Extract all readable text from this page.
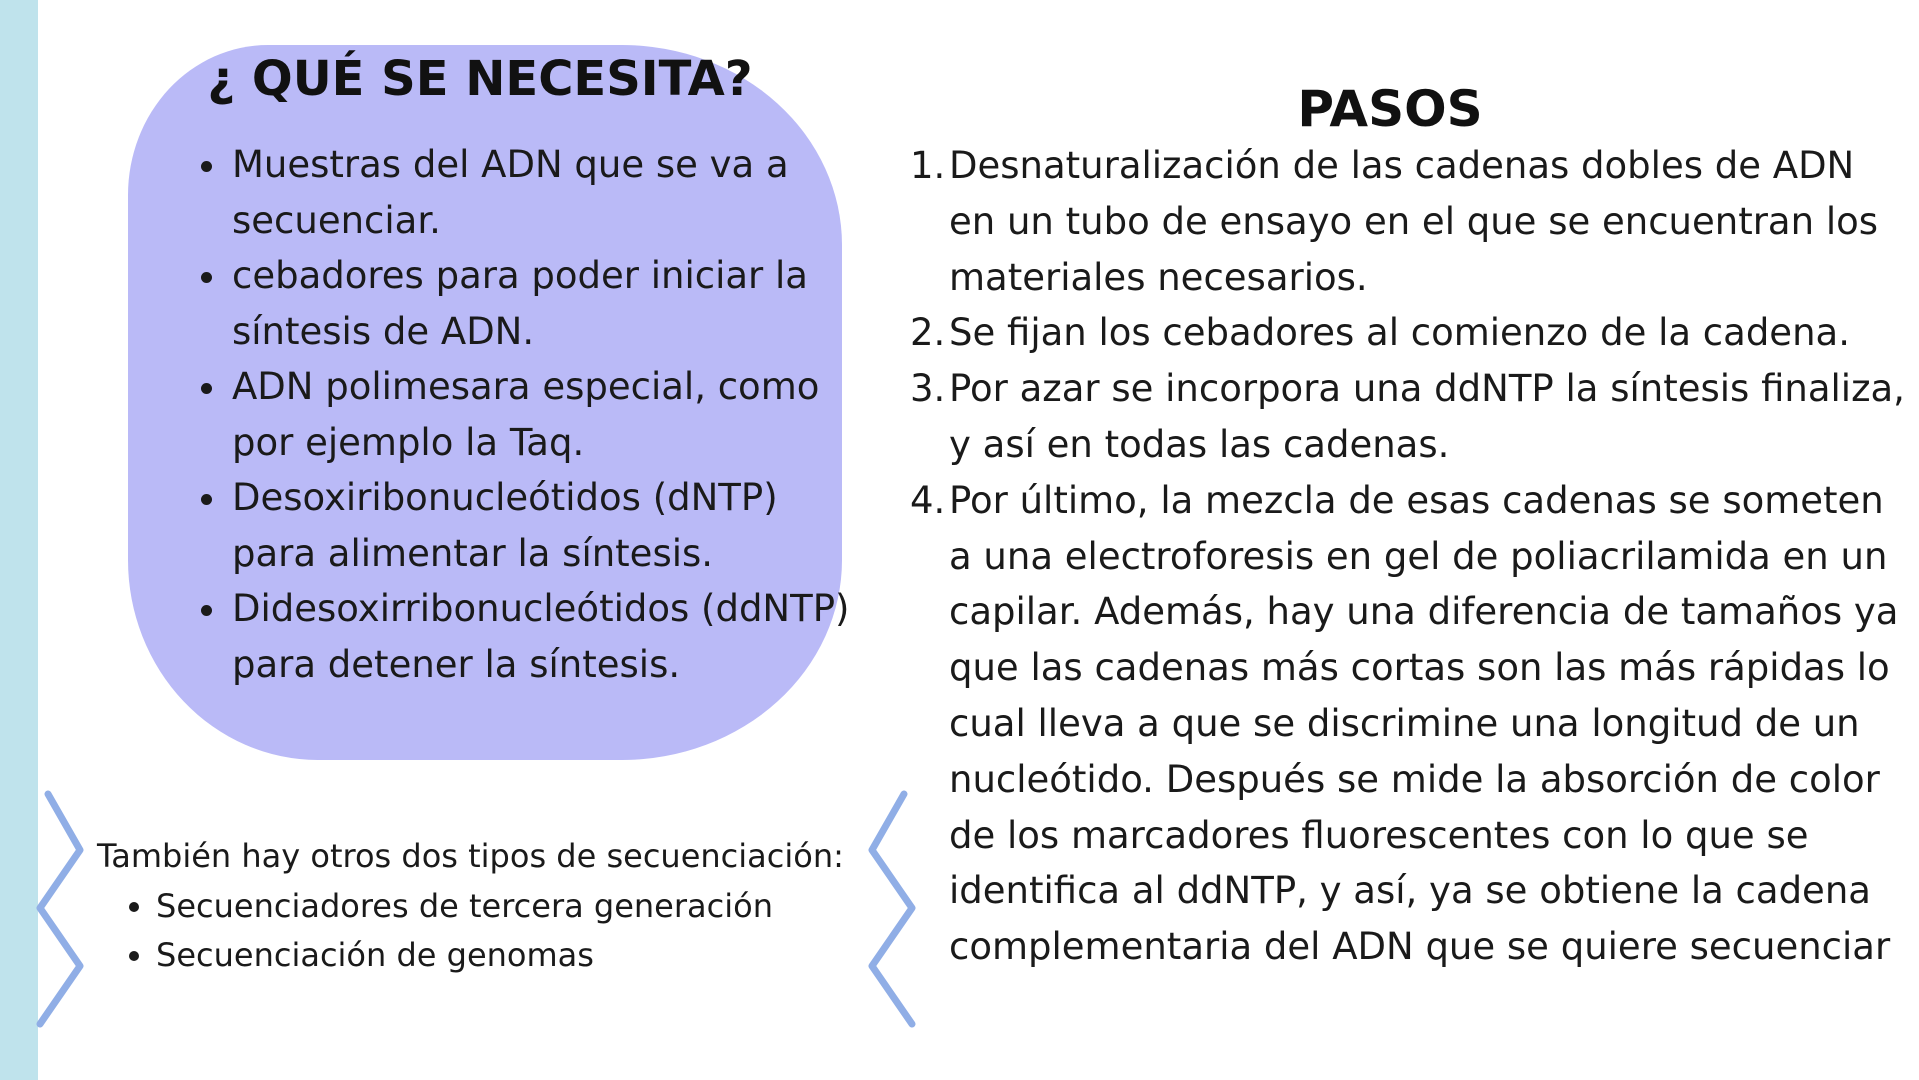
¿ QUÉ SE NECESITA?
• Muestras del ADN que se va a secuenciar.
• cebadores para poder iniciar la síntesis de ADN.
• ADN polimesara especial, como por ejemplo la Taq.
• Desoxiribonucleótidos (dNTP) para alimentar la síntesis.
• Didesoxirribonucleótidos (ddNTP) para detener la síntesis.
PASOS
1. Desnaturalización de las cadenas dobles de ADN en un tubo de ensayo en el que se encuentran los materiales necesarios.
2. Se fijan los cebadores al comienzo de la cadena.
3. Por azar se incorpora una ddNTP la síntesis finaliza, y así en todas las cadenas.
4. Por último, la mezcla de esas cadenas se someten a una electroforesis en gel de poliacrilamida en un capilar. Además, hay una diferencia de tamaños ya que las cadenas más cortas son las más rápidas lo cual lleva a que se discrimine una longitud de un nucleótido. Después se mide la absorción de color de los marcadores fluorescentes con lo que se identifica al ddNTP, y así, ya se obtiene la cadena complementaria del ADN que se quiere secuenciar

También hay otros dos tipos de secuenciación:

• Secuenciadores de tercera generación
• Secuenciación de genomas
